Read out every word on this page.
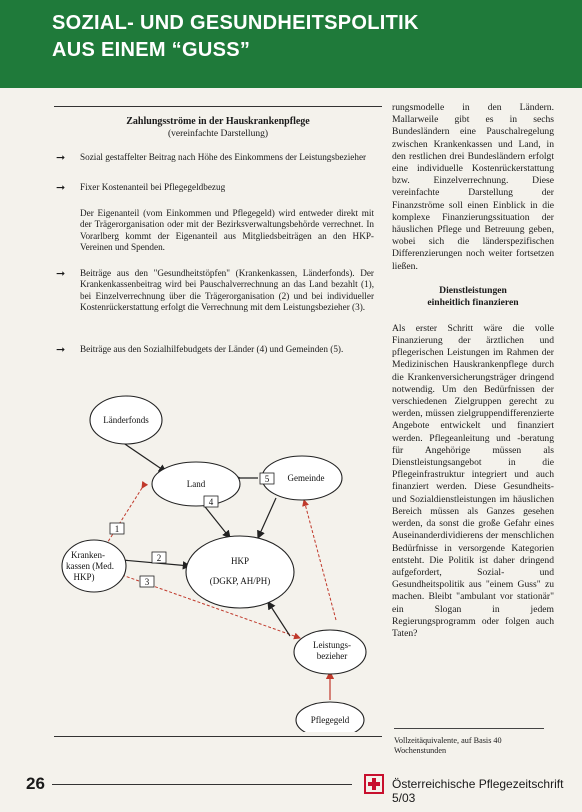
SOZIAL- UND GESUNDHEITSPOLITIK
AUS EINEM “GUSS”
Zahlungsströme in der Hauskrankenpflege
(vereinfachte Darstellung)
➞ Sozial gestaffelter Beitrag nach Höhe des Einkommens der Leistungsbezieher
➞ Fixer Kostenanteil bei Pflegegeldbezug
Der Eigenanteil (vom Einkommen und Pflegegeld) wird entweder direkt mit der Trägerorganisation oder mit der Bezirksverwaltungsbehörde verrechnet. In Vorarlberg kommt der Eigenanteil aus Mitgliedsbeiträgen an den HKP-Vereinen und Spenden.
➞ Beiträge aus den "Gesundheitstöpfen" (Krankenkassen, Länderfonds). Der Krankenkassenbeitrag wird bei Pauschalverrechnung an das Land bezahlt (1), bei Einzelverrechnung über die Trägerorganisation (2) und bei individueller Kostenrückerstattung erfolgt die Verrechnung mit dem Leistungsbezieher (3).
➞ Beiträge aus den Sozialhilfebudgets der Länder (4) und Gemeinden (5).
Länderfonds
Land
Gemeinde
Kranken-
kassen (Med.
HKP)
HKP
(DGKP, AH/PH)
Leistungs-
bezieher
Pflegegeld
1
2
3
4
5

rungsmodelle in den Ländern. Mallarweile gibt es in sechs Bundesländern eine Pauschalregelung zwischen Krankenkassen und Land, in den restlichen drei Bundesländern erfolgt eine individuelle Kostenrückerstattung bzw. Einzelverrechnung. Diese vereinfachte Darstellung der Finanzströme soll einen Einblick in die komplexe Finanzierungssituation der häuslichen Pflege und Betreuung geben, wobei sich die länderspezifischen Differenzierungen noch weiter fortsetzen ließen.

Dienstleistungen
einheitlich finanzieren

Als erster Schritt wäre die volle Finanzierung der ärztlichen und pflegerischen Leistungen im Rahmen der Medizinischen Hauskrankenpflege durch die Krankenversicherungsträger dringend notwendig. Um den Bedürfnissen der verschiedenen Zielgruppen gerecht zu werden, müssen zielgruppendifferenzierte Angebote entwickelt und finanziert werden. Pflegeanleitung und -beratung für Angehörige müssen als Dienstleistungsangebot in die Pflegeinfrastruktur integriert und auch finanziert werden. Diese Gesundheits- und Sozialdienstleistungen im häuslichen Bereich müssen als Ganzes gesehen werden, da sonst die große Gefahr eines Auseinanderdividierens der menschlichen Bedürfnisse in versorgende Kategorien entsteht. Die Politik ist daher dringend aufgefordert, Sozial- und Gesundheitspolitik aus "einem Guss" zu machen. Bleibt "ambulant vor stationär" ein Slogan in jedem Regierungsprogramm oder folgen auch Taten?

Vollzeitäquivalente, auf Basis 40 Wochenstunden
26	Österreichische Pflegezeitschrift 5/03
